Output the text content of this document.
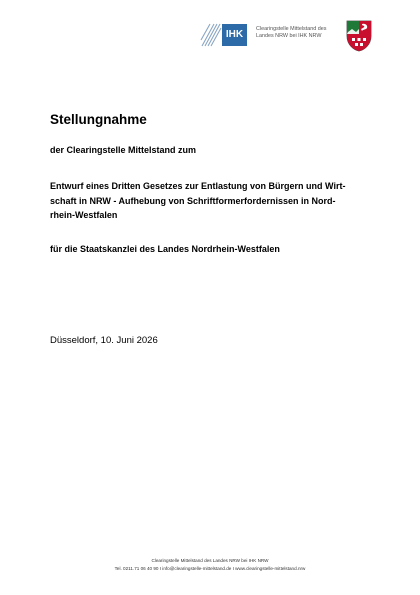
IHK	Clearingstelle Mittelstand des
Landes NRW bei IHK NRW
Stellungnahme
der Clearingstelle Mittelstand zum
Entwurf eines Dritten Gesetzes zur Entlastung von Bürgern und Wirt-
schaft in NRW - Aufhebung von Schriftformerfordernissen in Nord-
rhein-Westfalen
für die Staatskanzlei des Landes Nordrhein-Westfalen
Düsseldorf, 10. Juni 2026
Clearingstelle Mittelstand des Landes NRW bei IHK NRW
Tel. 0211.71 06 40 90 I info@clearingstelle-mittelstand.de I www.clearingstelle-mittelstand.nrw
